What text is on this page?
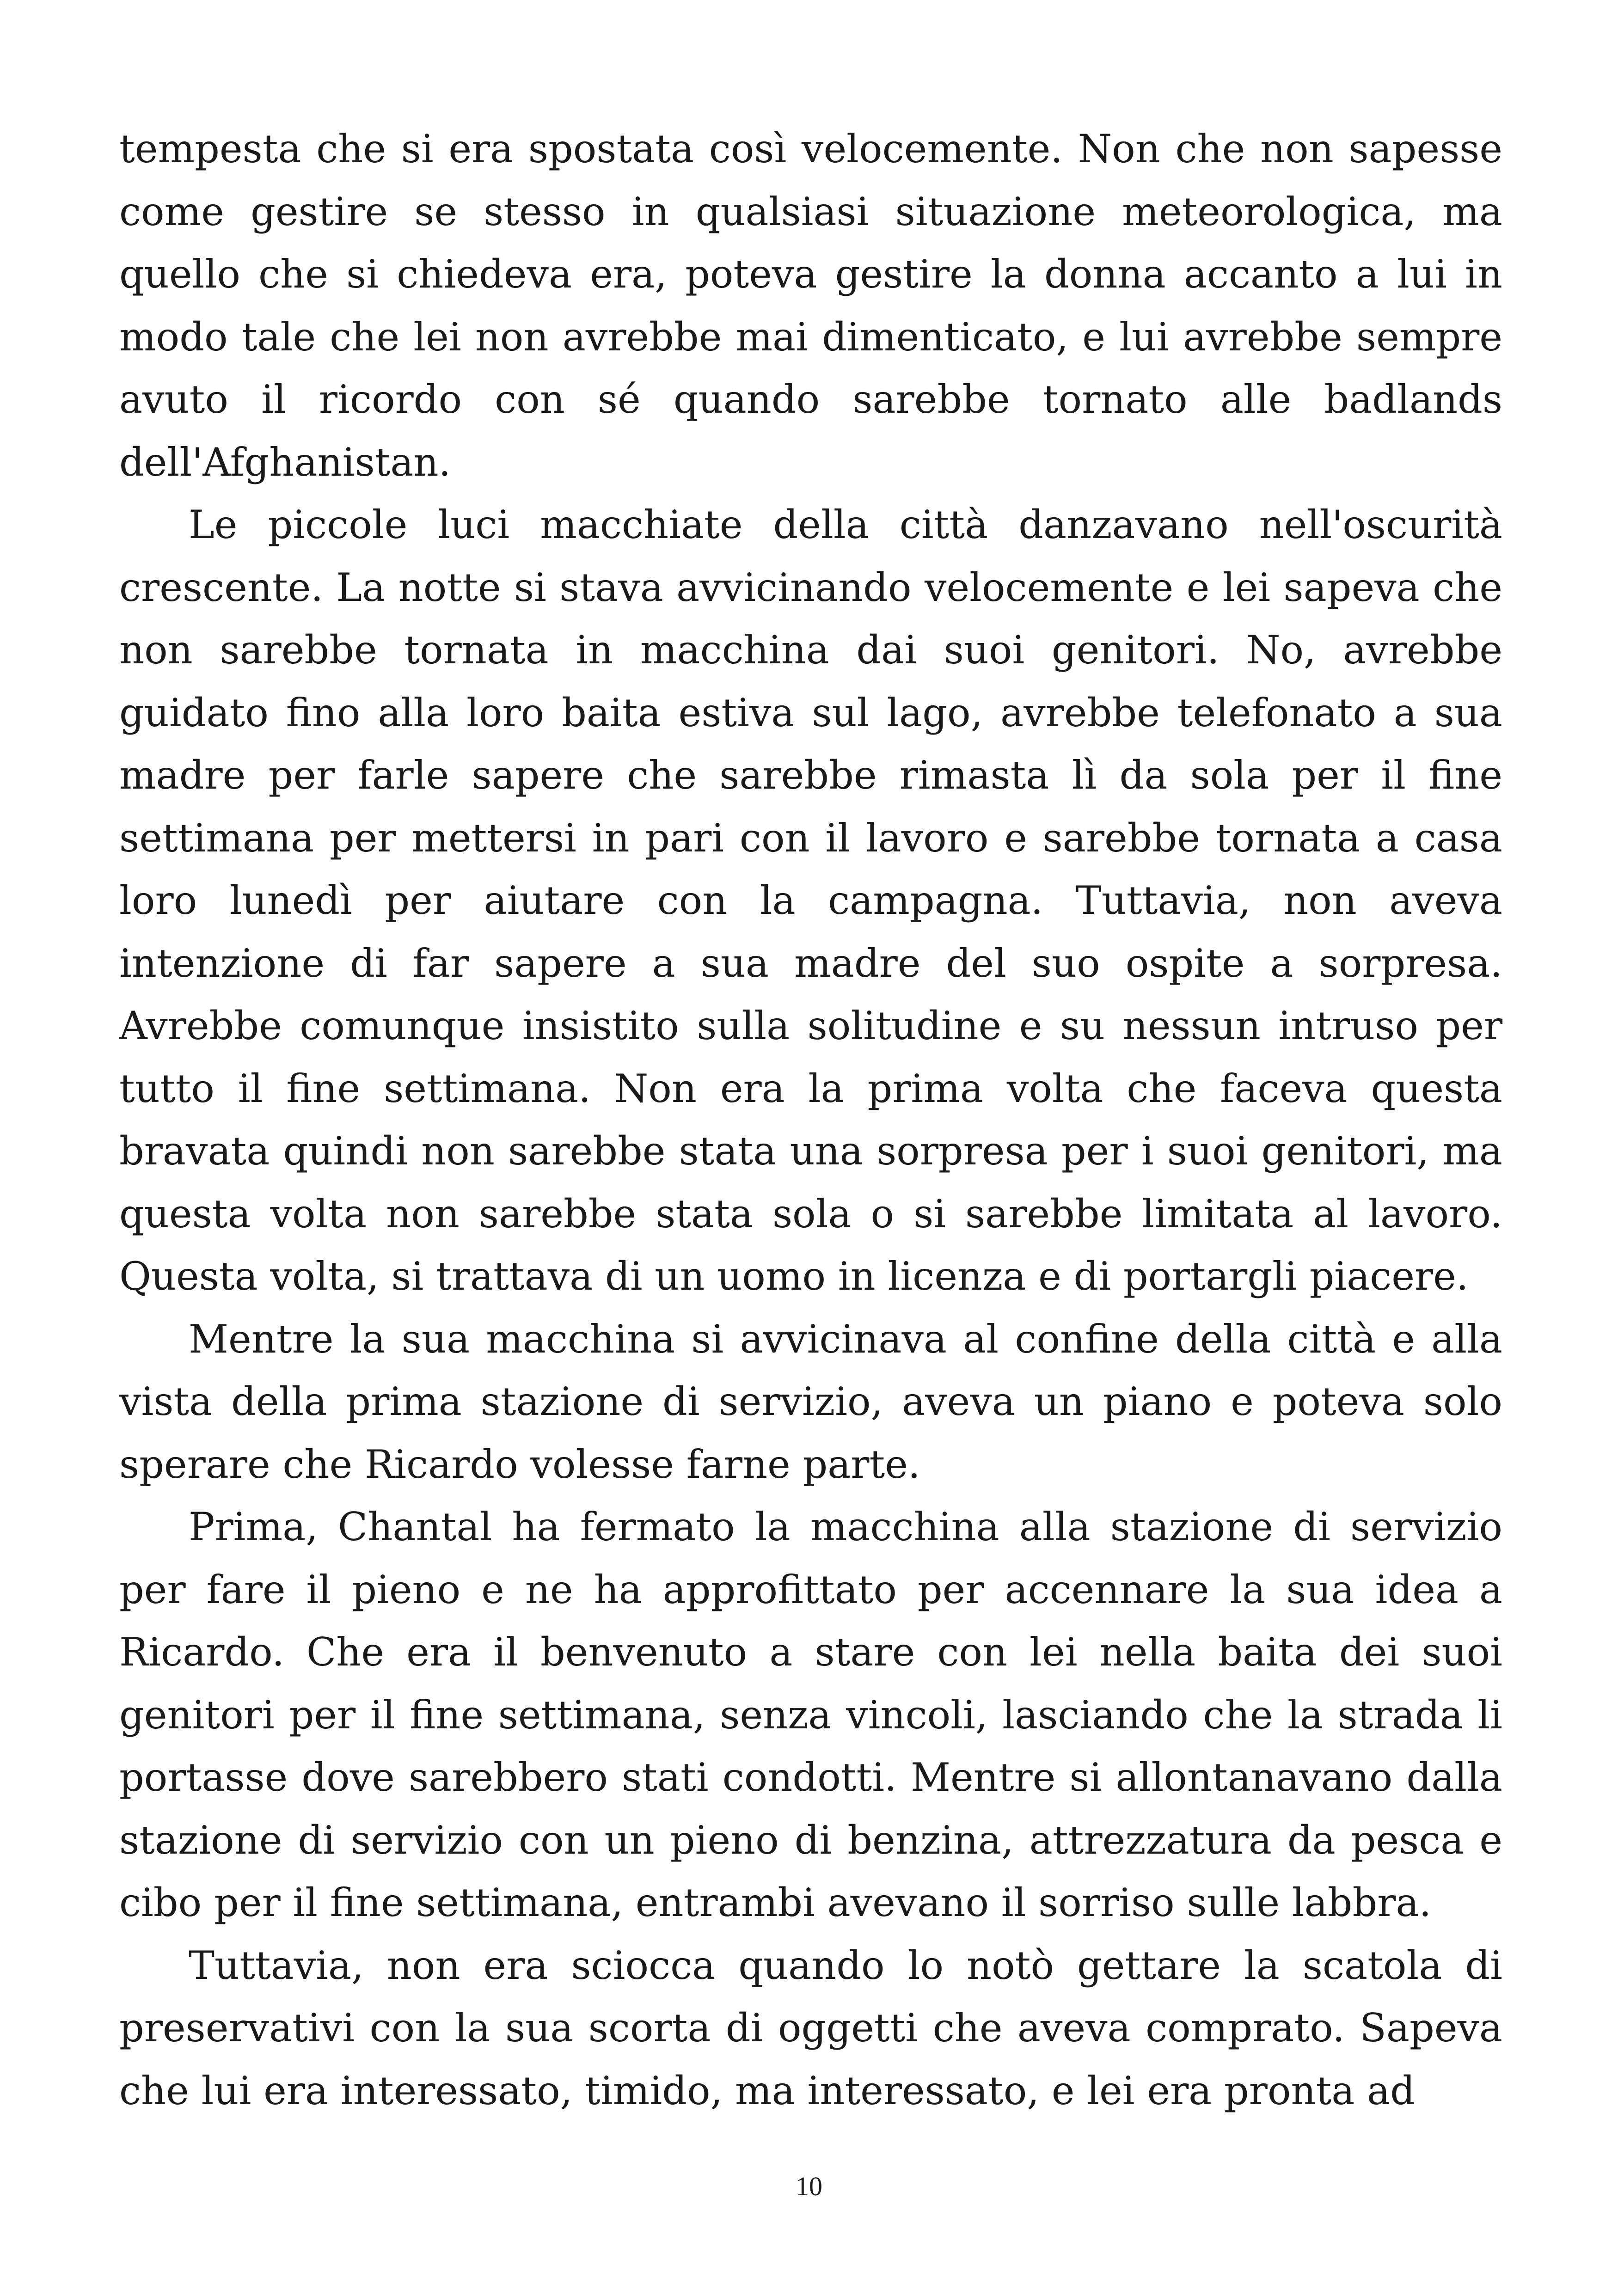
tempesta che si era spostata così velocemente. Non che non sapesse come gestire se stesso in qualsiasi situazione meteorologica, ma quello che si chiedeva era, poteva gestire la donna accanto a lui in modo tale che lei non avrebbe mai dimenticato, e lui avrebbe sempre avuto il ricordo con sé quando sarebbe tornato alle badlands dell'Afghanistan.

Le piccole luci macchiate della città danzavano nell'oscurità crescente. La notte si stava avvicinando velocemente e lei sapeva che non sarebbe tornata in macchina dai suoi genitori. No, avrebbe guidato fino alla loro baita estiva sul lago, avrebbe telefonato a sua madre per farle sapere che sarebbe rimasta lì da sola per il fine settimana per mettersi in pari con il lavoro e sarebbe tornata a casa loro lunedì per aiutare con la campagna. Tuttavia, non aveva intenzione di far sapere a sua madre del suo ospite a sorpresa. Avrebbe comunque insistito sulla solitudine e su nessun intruso per tutto il fine settimana. Non era la prima volta che faceva questa bravata quindi non sarebbe stata una sorpresa per i suoi genitori, ma questa volta non sarebbe stata sola o si sarebbe limitata al lavoro. Questa volta, si trattava di un uomo in licenza e di portargli piacere.

Mentre la sua macchina si avvicinava al confine della città e alla vista della prima stazione di servizio, aveva un piano e poteva solo sperare che Ricardo volesse farne parte.

Prima, Chantal ha fermato la macchina alla stazione di servizio per fare il pieno e ne ha approfittato per accennare la sua idea a Ricardo. Che era il benvenuto a stare con lei nella baita dei suoi genitori per il fine settimana, senza vincoli, lasciando che la strada li portasse dove sarebbero stati condotti. Mentre si allontanavano dalla stazione di servizio con un pieno di benzina, attrezzatura da pesca e cibo per il fine settimana, entrambi avevano il sorriso sulle labbra.

Tuttavia, non era sciocca quando lo notò gettare la scatola di preservativi con la sua scorta di oggetti che aveva comprato. Sapeva che lui era interessato, timido, ma interessato, e lei era pronta ad

10
